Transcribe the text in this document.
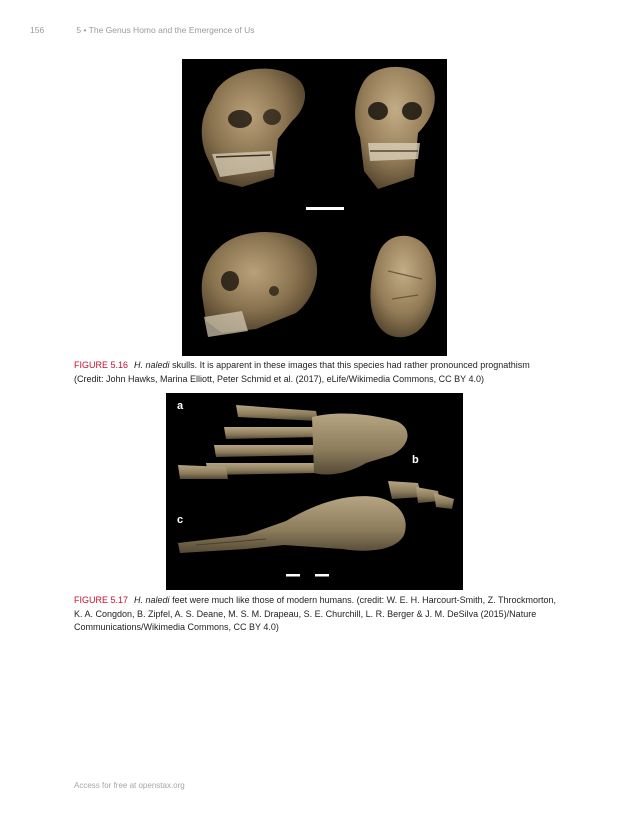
156	5 • The Genus Homo and the Emergence of Us
FIGURE 5.16 H. naledi skulls. It is apparent in these images that this species had rather pronounced prognathism (Credit: John Hawks, Marina Elliott, Peter Schmid et al. (2017), eLife/Wikimedia Commons, CC BY 4.0)
a
b
c
FIGURE 5.17 H. naledi feet were much like those of modern humans. (credit: W. E. H. Harcourt-Smith, Z. Throckmorton, K. A. Congdon, B. Zipfel, A. S. Deane, M. S. M. Drapeau, S. E. Churchill, L. R. Berger & J. M. DeSilva (2015)/Nature Communications/Wikimedia Commons, CC BY 4.0)
Access for free at openstax.org
